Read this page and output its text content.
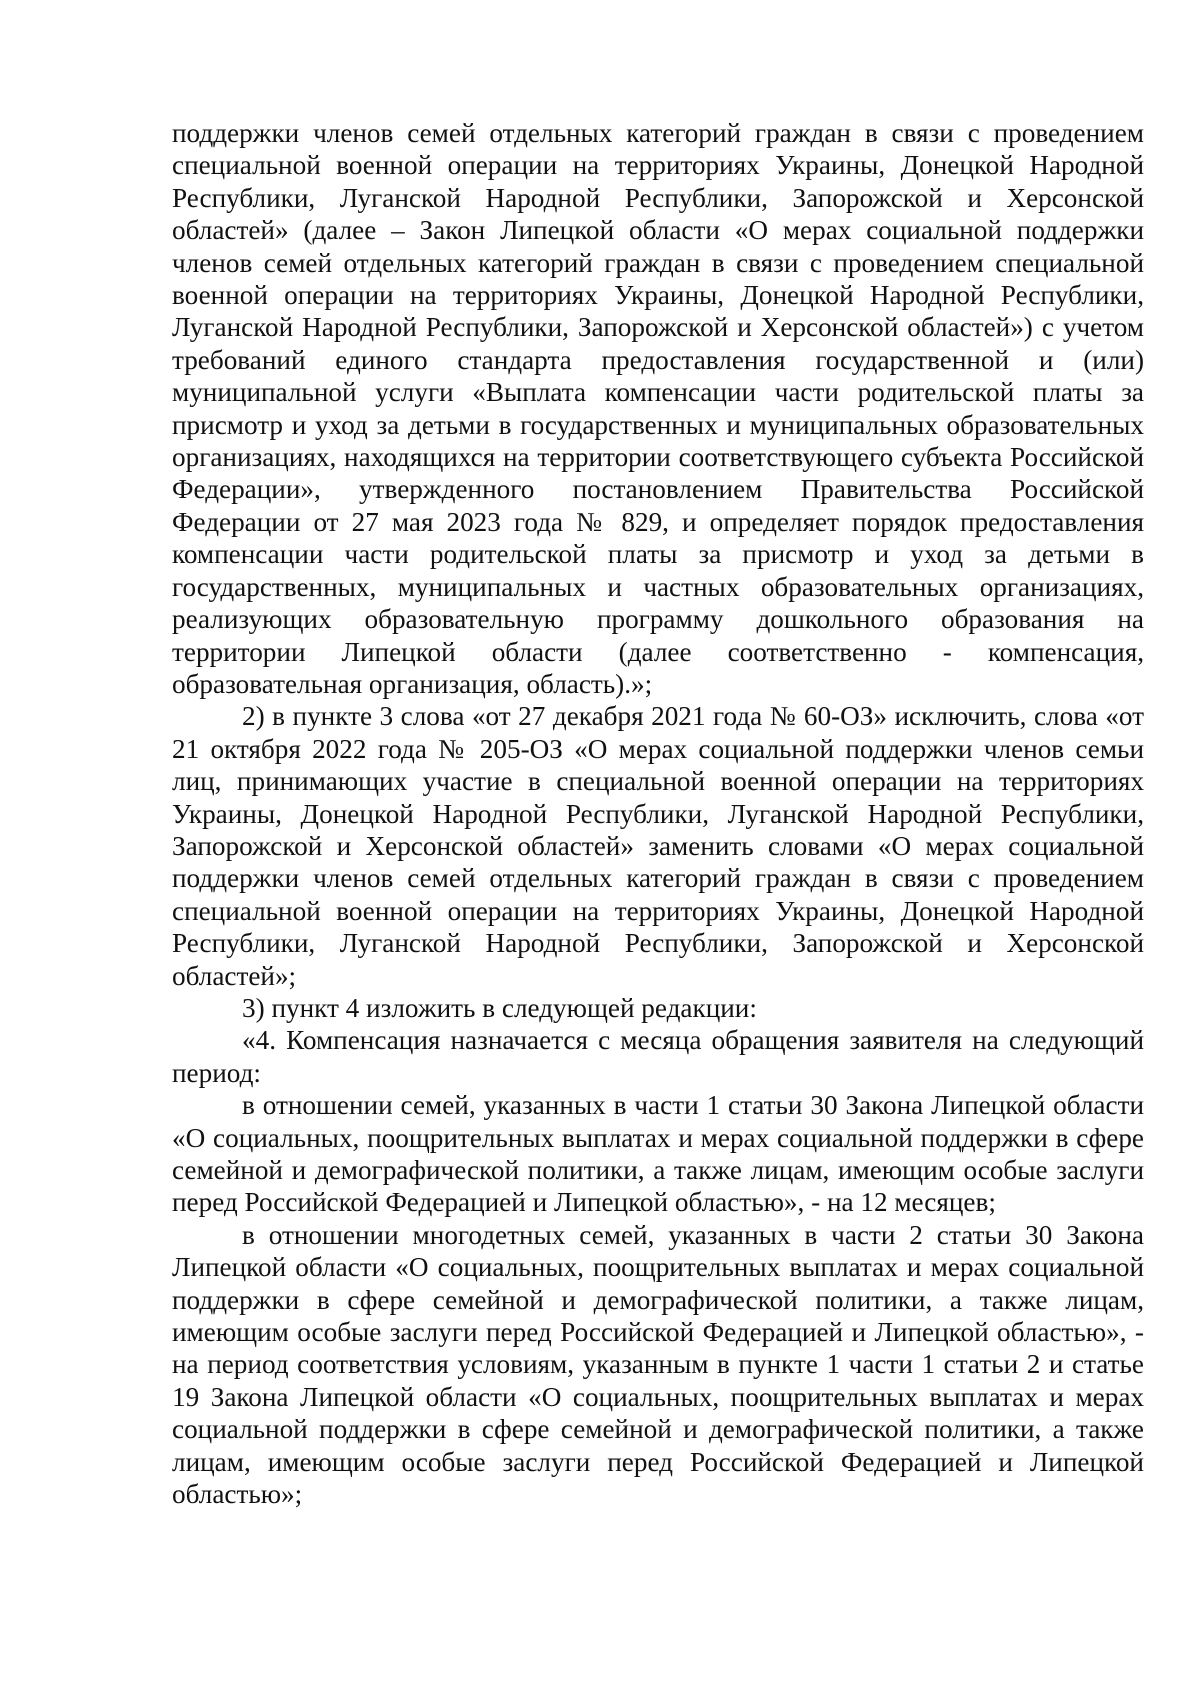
поддержки членов семей отдельных категорий граждан в связи с проведением специальной военной операции на территориях Украины, Донецкой Народной Республики, Луганской Народной Республики, Запорожской и Херсонской областей» (далее – Закон Липецкой области «О мерах социальной поддержки членов семей отдельных категорий граждан в связи с проведением специальной военной операции на территориях Украины, Донецкой Народной Республики, Луганской Народной Республики, Запорожской и Херсонской областей») с учетом требований единого стандарта предоставления государственной и (или) муниципальной услуги «Выплата компенсации части родительской платы за присмотр и уход за детьми в государственных и муниципальных образовательных организациях, находящихся на территории соответствующего субъекта Российской Федерации», утвержденного постановлением Правительства Российской Федерации от 27 мая 2023 года № 829, и определяет порядок предоставления компенсации части родительской платы за присмотр и уход за детьми в государственных, муниципальных и частных образовательных организациях, реализующих образовательную программу дошкольного образования на территории Липецкой области (далее соответственно - компенсация, образовательная организация, область).»;

2) в пункте 3 слова «от 27 декабря 2021 года № 60-ОЗ» исключить, слова «от 21 октября 2022 года № 205-ОЗ «О мерах социальной поддержки членов семьи лиц, принимающих участие в специальной военной операции на территориях Украины, Донецкой Народной Республики, Луганской Народной Республики, Запорожской и Херсонской областей» заменить словами «О мерах социальной поддержки членов семей отдельных категорий граждан в связи с проведением специальной военной операции на территориях Украины, Донецкой Народной Республики, Луганской Народной Республики, Запорожской и Херсонской областей»;

3) пункт 4 изложить в следующей редакции:

«4. Компенсация назначается с месяца обращения заявителя на следующий период:

в отношении семей, указанных в части 1 статьи 30 Закона Липецкой области «О социальных, поощрительных выплатах и мерах социальной поддержки в сфере семейной и демографической политики, а также лицам, имеющим особые заслуги перед Российской Федерацией и Липецкой областью», - на 12 месяцев;

в отношении многодетных семей, указанных в части 2 статьи 30 Закона Липецкой области «О социальных, поощрительных выплатах и мерах социальной поддержки в сфере семейной и демографической политики, а также лицам, имеющим особые заслуги перед Российской Федерацией и Липецкой областью», - на период соответствия условиям, указанным в пункте 1 части 1 статьи 2 и статье 19 Закона Липецкой области «О социальных, поощрительных выплатах и мерах социальной поддержки в сфере семейной и демографической политики, а также лицам, имеющим особые заслуги перед Российской Федерацией и Липецкой областью»;
